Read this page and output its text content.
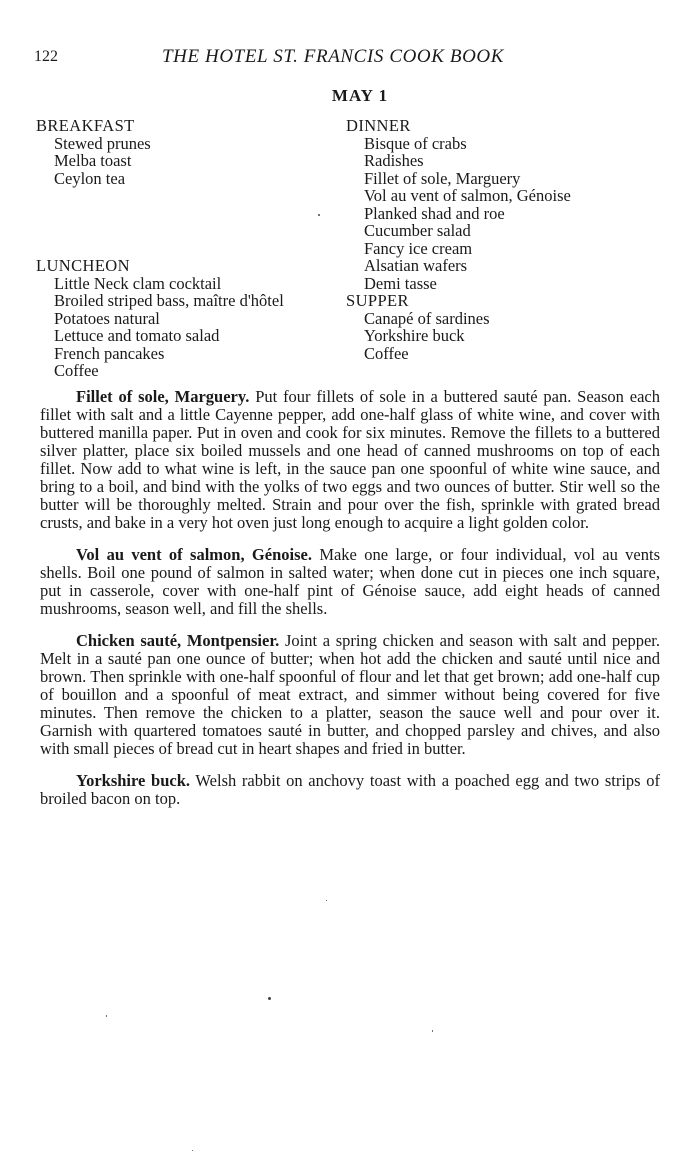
122	THE HOTEL ST. FRANCIS COOK BOOK
MAY 1
BREAKFAST
Stewed prunes
Melba toast
Ceylon tea
LUNCHEON
Little Neck clam cocktail
Broiled striped bass, maître d'hôtel
Potatoes natural
Lettuce and tomato salad
French pancakes
Coffee
DINNER
Bisque of crabs
Radishes
Fillet of sole, Marguery
Vol au vent of salmon, Génoise
Planked shad and roe
Cucumber salad
Fancy ice cream
Alsatian wafers
Demi tasse
SUPPER
Canapé of sardines
Yorkshire buck
Coffee

Fillet of sole, Marguery. Put four fillets of sole in a buttered sauté pan. Season each fillet with salt and a little Cayenne pepper, add one-half glass of white wine, and cover with buttered manilla paper. Put in oven and cook for six minutes. Remove the fillets to a buttered silver platter, place six boiled mussels and one head of canned mushrooms on top of each fillet. Now add to what wine is left, in the sauce pan one spoonful of white wine sauce, and bring to a boil, and bind with the yolks of two eggs and two ounces of butter. Stir well so the butter will be thoroughly melted. Strain and pour over the fish, sprinkle with grated bread crusts, and bake in a very hot oven just long enough to acquire a light golden color.

Vol au vent of salmon, Génoise. Make one large, or four individual, vol au vents shells. Boil one pound of salmon in salted water; when done cut in pieces one inch square, put in casserole, cover with one-half pint of Génoise sauce, add eight heads of canned mushrooms, season well, and fill the shells.

Chicken sauté, Montpensier. Joint a spring chicken and season with salt and pepper. Melt in a sauté pan one ounce of butter; when hot add the chicken and sauté until nice and brown. Then sprinkle with one-half spoonful of flour and let that get brown; add one-half cup of bouillon and a spoonful of meat extract, and simmer without being covered for five minutes. Then remove the chicken to a platter, season the sauce well and pour over it. Garnish with quartered tomatoes sauté in butter, and chopped parsley and chives, and also with small pieces of bread cut in heart shapes and fried in butter.

Yorkshire buck. Welsh rabbit on anchovy toast with a poached egg and two strips of broiled bacon on top.
